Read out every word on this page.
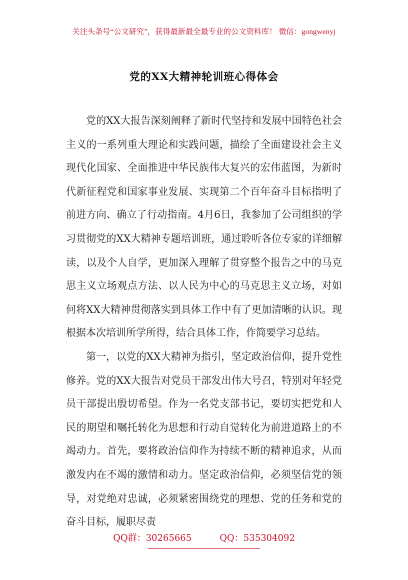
关注头条号“公文研究”，获得最新最全最专业的公文资料库！ 微信：gongwenyj
党的XX大精神轮训班心得体会

党的XX大报告深刻阐释了新时代坚持和发展中国特色社会主义的一系列重大理论和实践问题，描绘了全面建设社会主义现代化国家、全面推进中华民族伟大复兴的宏伟蓝图，为新时代新征程党和国家事业发展、实现第二个百年奋斗目标指明了前进方向、确立了行动指南。4月6日，我参加了公司组织的学习贯彻党的XX大精神专题培训班，通过聆听各位专家的详细解读，以及个人自学，更加深入理解了贯穿整个报告之中的马克思主义立场观点方法、以人民为中心的马克思主义立场，对如何将XX大精神贯彻落实到具体工作中有了更加清晰的认识。现根据本次培训所学所得，结合具体工作，作简要学习总结。

第一，以党的XX大精神为指引，坚定政治信仰，提升党性修养。党的XX大报告对党员干部发出伟大号召，特别对年轻党员干部提出殷切希望。作为一名党支部书记，要切实把党和人民的期望和嘱托转化为思想和行动自觉转化为前进道路上的不竭动力。首先，要将政治信仰作为持续不断的精神追求，从而激发内在不竭的激情和动力。坚定政治信仰，必须坚信党的领导，对党绝对忠诚，必须紧密围绕党的理想、党的任务和党的奋斗目标，履职尽责

QQ群：30265665	QQ：535304092
